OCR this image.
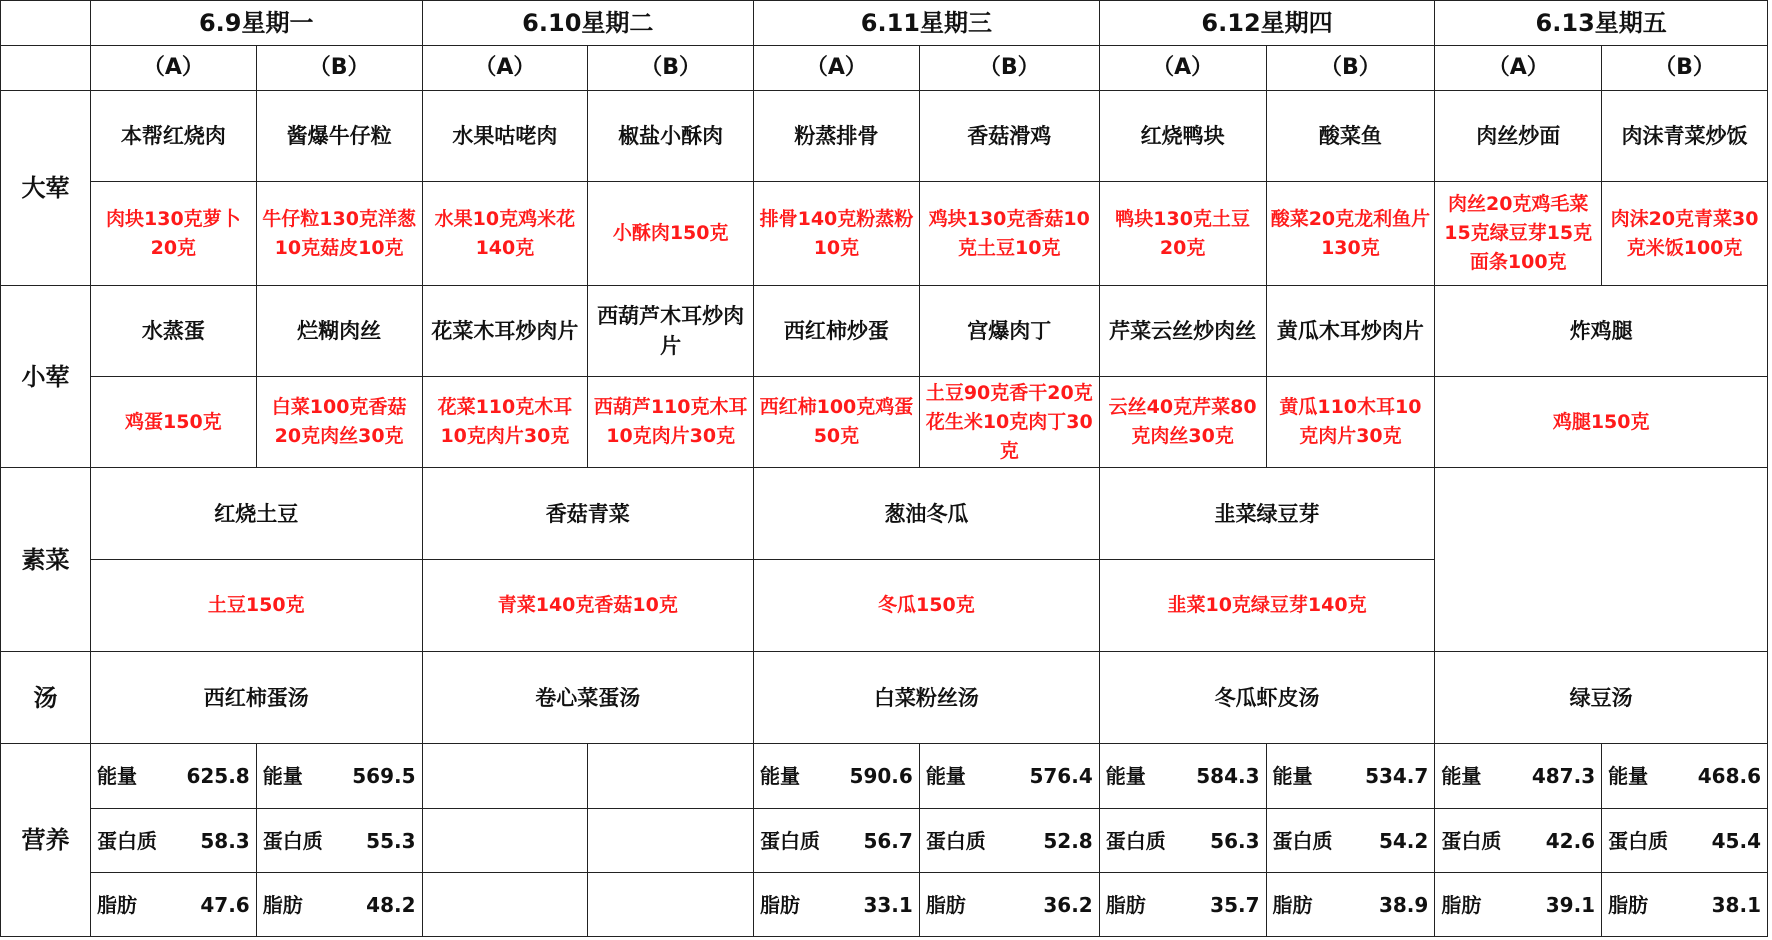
	6.9星期一		6.10星期二		6.11星期三		6.12星期四		6.13星期五	
	（A）	（B）	（A）	（B）	（A）	（B）	（A）	（B）	（A）	（B）
大荤	本帮红烧肉	酱爆牛仔粒	水果咕咾肉	椒盐小酥肉	粉蒸排骨	香菇滑鸡	红烧鸭块	酸菜鱼	肉丝炒面	肉沫青菜炒饭
	肉块130克萝卜20克	牛仔粒130克洋葱10克菇皮10克	水果10克鸡米花140克	小酥肉150克	排骨140克粉蒸粉10克	鸡块130克香菇10克土豆10克	鸭块130克土豆20克	酸菜20克龙利鱼片130克	肉丝20克鸡毛菜15克绿豆芽15克面条100克	肉沫20克青菜30克米饭100克
小荤	水蒸蛋	烂糊肉丝	花菜木耳炒肉片	西葫芦木耳炒肉片	西红柿炒蛋	宫爆肉丁	芹菜云丝炒肉丝	黄瓜木耳炒肉片	炸鸡腿	
	鸡蛋150克	白菜100克香菇20克肉丝30克	花菜110克木耳10克肉片30克	西葫芦110克木耳10克肉片30克	西红柿100克鸡蛋50克	土豆90克香干20克花生米10克肉丁30克	云丝40克芹菜80克肉丝30克	黄瓜110木耳10克肉片30克	鸡腿150克	
素菜	红烧土豆		香菇青菜		葱油冬瓜		韭菜绿豆芽			
	土豆150克		青菜140克香菇10克		冬瓜150克		韭菜10克绿豆芽140克			
汤	西红柿蛋汤		卷心菜蛋汤		白菜粉丝汤		冬瓜虾皮汤		绿豆汤	
营养	能量 625.8	能量 569.5			能量 590.6	能量 576.4	能量 584.3	能量 534.7	能量 487.3	能量 468.6

	蛋白质 58.3	蛋白质 55.3			蛋白质 56.7	蛋白质 52.8	蛋白质 56.3	蛋白质 54.2	蛋白质 42.6	蛋白质 45.4

	脂肪 47.6	脂肪 48.2			脂肪 33.1	脂肪 36.2	脂肪 35.7	脂肪 38.9	脂肪 39.1	脂肪 38.1
